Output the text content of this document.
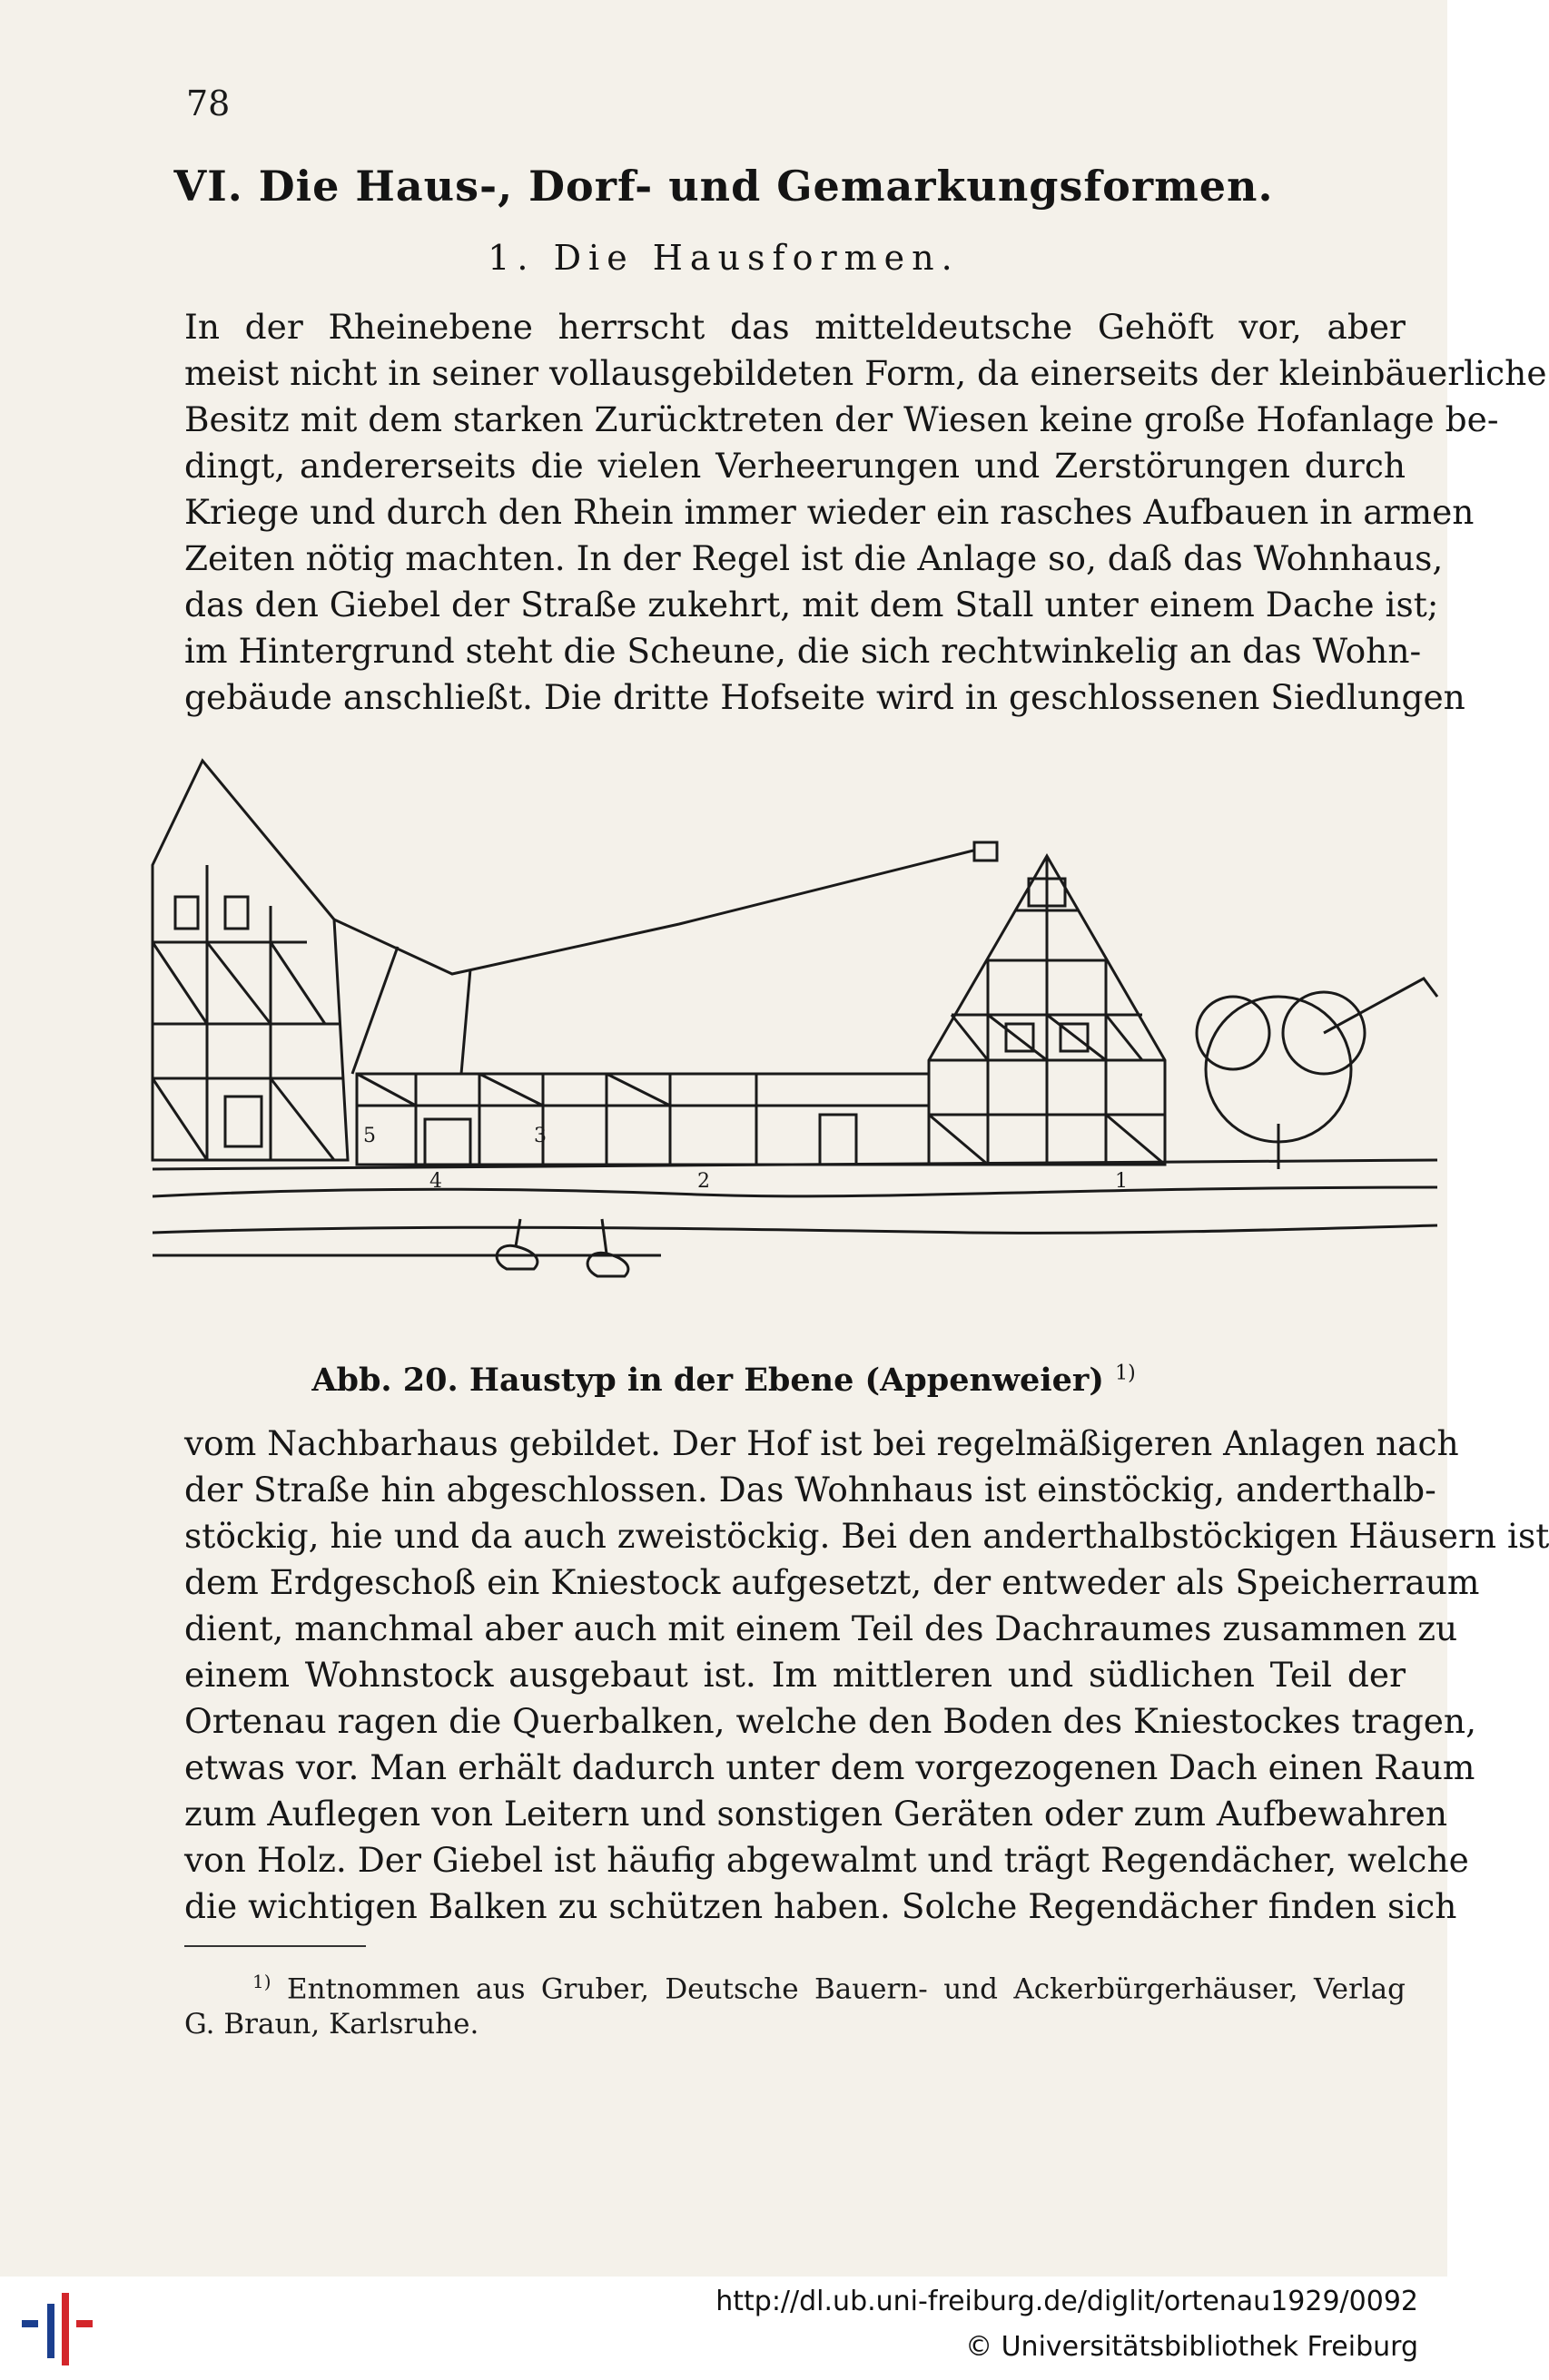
78
VI. Die Haus-, Dorf- und Gemarkungsformen.
1. Die Hausformen.
In der Rheinebene herrscht das mitteldeutsche Gehöft vor, aber
meist nicht in seiner vollausgebildeten Form, da einerseits der kleinbäuerliche
Besitz mit dem starken Zurücktreten der Wiesen keine große Hofanlage be-
dingt, andererseits die vielen Verheerungen und Zerstörungen durch
Kriege und durch den Rhein immer wieder ein rasches Aufbauen in armen
Zeiten nötig machten. In der Regel ist die Anlage so, daß das Wohnhaus,
das den Giebel der Straße zukehrt, mit dem Stall unter einem Dache ist;
im Hintergrund steht die Scheune, die sich rechtwinkelig an das Wohn-
gebäude anschließt. Die dritte Hofseite wird in geschlossenen Siedlungen
5
4
3
2	1
Abb. 20. Haustyp in der Ebene (Appenweier) $^{1)}$
vom Nachbarhaus gebildet. Der Hof ist bei regelmäßigeren Anlagen nach
der Straße hin abgeschlossen. Das Wohnhaus ist einstöckig, anderthalb-
stöckig, hie und da auch zweistöckig. Bei den anderthalbstöckigen Häusern ist
dem Erdgeschoß ein Kniestock aufgesetzt, der entweder als Speicherraum
dient, manchmal aber auch mit einem Teil des Dachraumes zusammen zu
einem Wohnstock ausgebaut ist. Im mittleren und südlichen Teil der
Ortenau ragen die Querbalken, welche den Boden des Kniestockes tragen,
etwas vor. Man erhält dadurch unter dem vorgezogenen Dach einen Raum
zum Auflegen von Leitern und sonstigen Geräten oder zum Aufbewahren
von Holz. Der Giebel ist häufig abgewalmt und trägt Regendächer, welche
die wichtigen Balken zu schützen haben. Solche Regendächer finden sich
$^{1)}$ Entnommen aus Gruber, Deutsche Bauern- und Ackerbürgerhäuser, Verlag
G. Braun, Karlsruhe.
http://dl.ub.uni-freiburg.de/diglit/ortenau1929/0092
© Universitätsbibliothek Freiburg
